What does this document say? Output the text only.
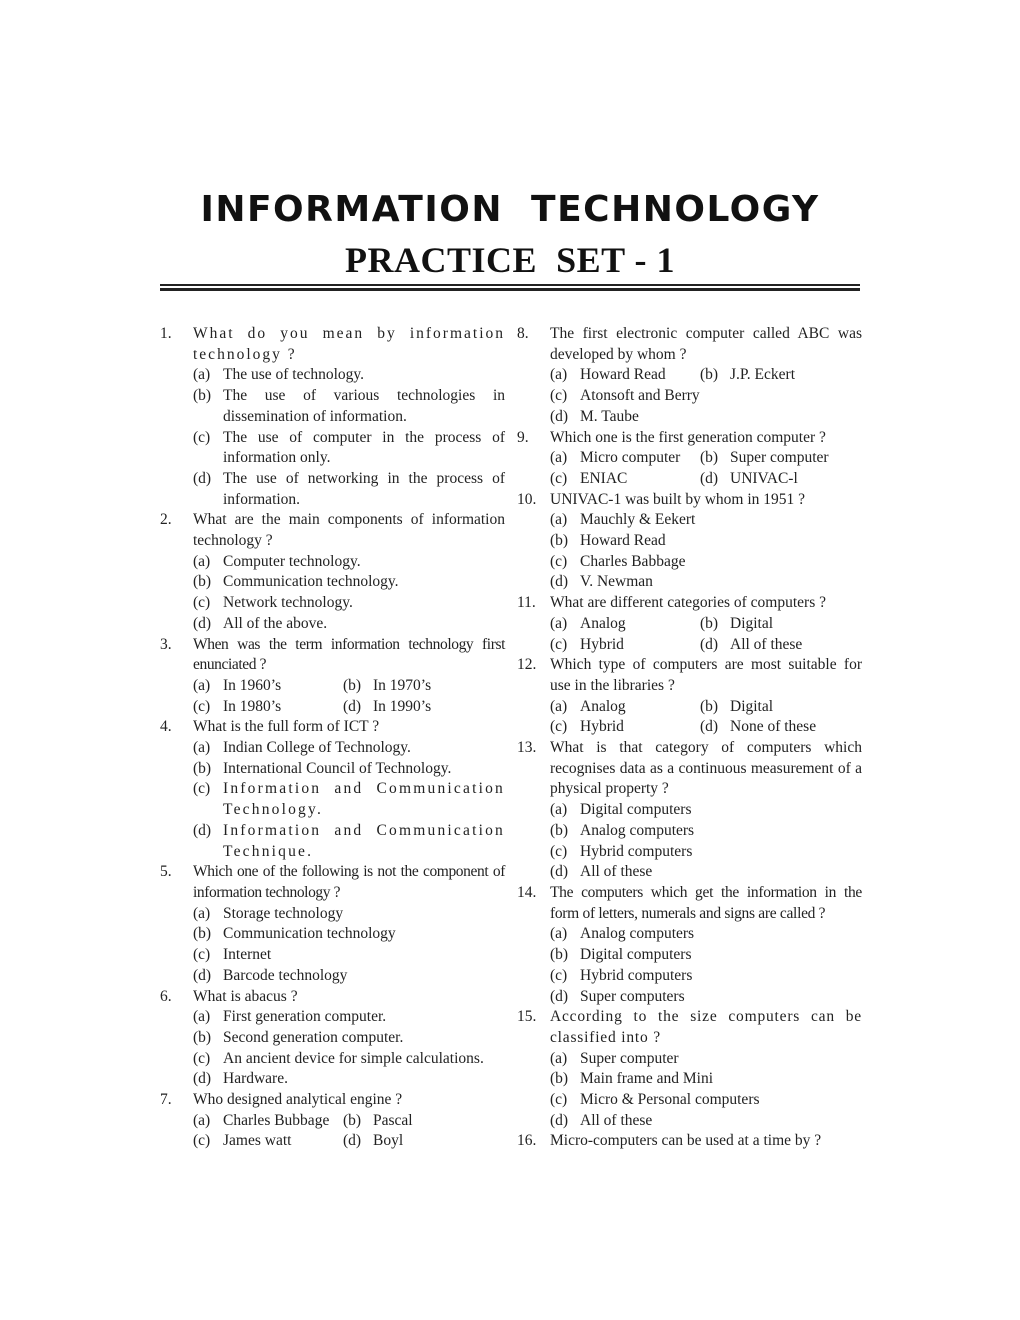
INFORMATION  TECHNOLOGY
PRACTICE  SET - 1
1.	What do you mean by information technology ?
(a) The use of technology.
(b) The use of various technologies in dissemination of information.
(c) The use of computer in the process of information only.
(d) The use of networking in the process of information.
2.	What are the main components of information technology ?
(a) Computer technology.
(b) Communication technology.
(c) Network technology.
(d) All of the above.
3.	When was the term information technology first enunciated ?
(a) In 1960’s	(b) In 1970’s
(c) In 1980’s	(d) In 1990’s
4.	What is the full form of ICT ?
(a) Indian College of Technology.
(b) International Council of Technology.
(c) Information and Communication Technology.
(d) Information and Communication Technique.
5.	Which one of the following is not the component of information technology ?
(a) Storage technology
(b) Communication technology
(c) Internet
(d) Barcode technology
6.	What is abacus ?
(a) First generation computer.
(b) Second generation computer.
(c) An ancient device for simple calculations.
(d) Hardware.
7.	Who designed analytical engine ?
(a) Charles Bubbage (b) Pascal
(c) James watt	(d) Boyl
8.	The first electronic computer called ABC was developed by whom ?
(a) Howard Read (b) J.P. Eckert
(c) Atonsoft and Berry
(d) M. Taube
9.	Which one is the first generation computer ?
(a) Micro computer (b) Super computer
(c) ENIAC	(d) UNIVAC-l
10. UNIVAC-1 was built by whom in 1951 ?
(a) Mauchly & Eekert
(b) Howard Read
(c) Charles Babbage
(d) V. Newman
11. What are different categories of computers ?
(a) Analog	(b) Digital
(c) Hybrid	(d) All of these
12. Which type of computers are most suitable for use in the libraries ?
(a) Analog	(b) Digital
(c) Hybrid	(d) None of these
13. What is that category of computers which recognises data as a continuous measurement of a physical property ?
(a) Digital computers
(b) Analog computers
(c) Hybrid computers
(d) All of these
14. The computers which get the information in the form of letters, numerals and signs are called ?
(a) Analog computers
(b) Digital computers
(c) Hybrid computers
(d) Super computers
15. According to the size computers can be classified into ?
(a) Super computer
(b) Main frame and Mini
(c) Micro & Personal computers
(d) All of these
16. Micro-computers can be used at a time by ?
